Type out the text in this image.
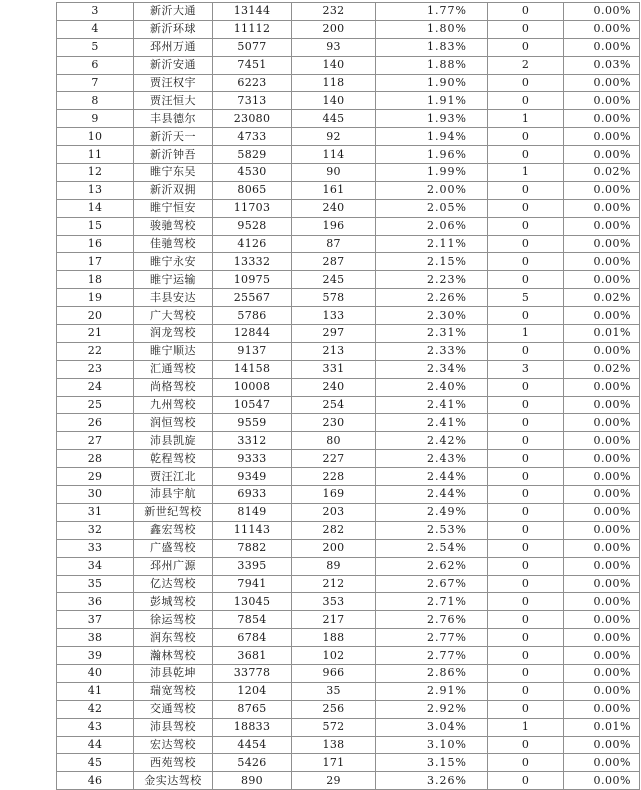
3	新沂大通	13144	232	1.77%	0	0.00%
4	新沂环球	11112	200	1.80%	0	0.00%
5	邳州万通	5077	93	1.83%	0	0.00%
6	新沂安通	7451	140	1.88%	2	0.03%
7	贾汪权宇	6223	118	1.90%	0	0.00%
8	贾汪恒大	7313	140	1.91%	0	0.00%
9	丰县德尔	23080	445	1.93%	1	0.00%
10	新沂天一	4733	92	1.94%	0	0.00%
11	新沂钟吾	5829	114	1.96%	0	0.00%
12	睢宁东吴	4530	90	1.99%	1	0.02%
13	新沂双拥	8065	161	2.00%	0	0.00%
14	睢宁恒安	11703	240	2.05%	0	0.00%
15	骏驰驾校	9528	196	2.06%	0	0.00%
16	佳驰驾校	4126	87	2.11%	0	0.00%
17	睢宁永安	13332	287	2.15%	0	0.00%
18	睢宁运输	10975	245	2.23%	0	0.00%
19	丰县安达	25567	578	2.26%	5	0.02%
20	广大驾校	5786	133	2.30%	0	0.00%
21	润龙驾校	12844	297	2.31%	1	0.01%
22	睢宁顺达	9137	213	2.33%	0	0.00%
23	汇通驾校	14158	331	2.34%	3	0.02%
24	尚格驾校	10008	240	2.40%	0	0.00%
25	九州驾校	10547	254	2.41%	0	0.00%
26	润恒驾校	9559	230	2.41%	0	0.00%
27	沛县凯旋	3312	80	2.42%	0	0.00%
28	乾程驾校	9333	227	2.43%	0	0.00%
29	贾汪江北	9349	228	2.44%	0	0.00%
30	沛县宇航	6933	169	2.44%	0	0.00%
31	新世纪驾校	8149	203	2.49%	0	0.00%
32	鑫宏驾校	11143	282	2.53%	0	0.00%
33	广盛驾校	7882	200	2.54%	0	0.00%
34	邳州广源	3395	89	2.62%	0	0.00%
35	亿达驾校	7941	212	2.67%	0	0.00%
36	彭城驾校	13045	353	2.71%	0	0.00%
37	徐运驾校	7854	217	2.76%	0	0.00%
38	润东驾校	6784	188	2.77%	0	0.00%
39	瀚林驾校	3681	102	2.77%	0	0.00%
40	沛县乾坤	33778	966	2.86%	0	0.00%
41	瑞宽驾校	1204	35	2.91%	0	0.00%
42	交通驾校	8765	256	2.92%	0	0.00%
43	沛县驾校	18833	572	3.04%	1	0.01%
44	宏达驾校	4454	138	3.10%	0	0.00%
45	西苑驾校	5426	171	3.15%	0	0.00%
46	金实达驾校	890	29	3.26%	0	0.00%
